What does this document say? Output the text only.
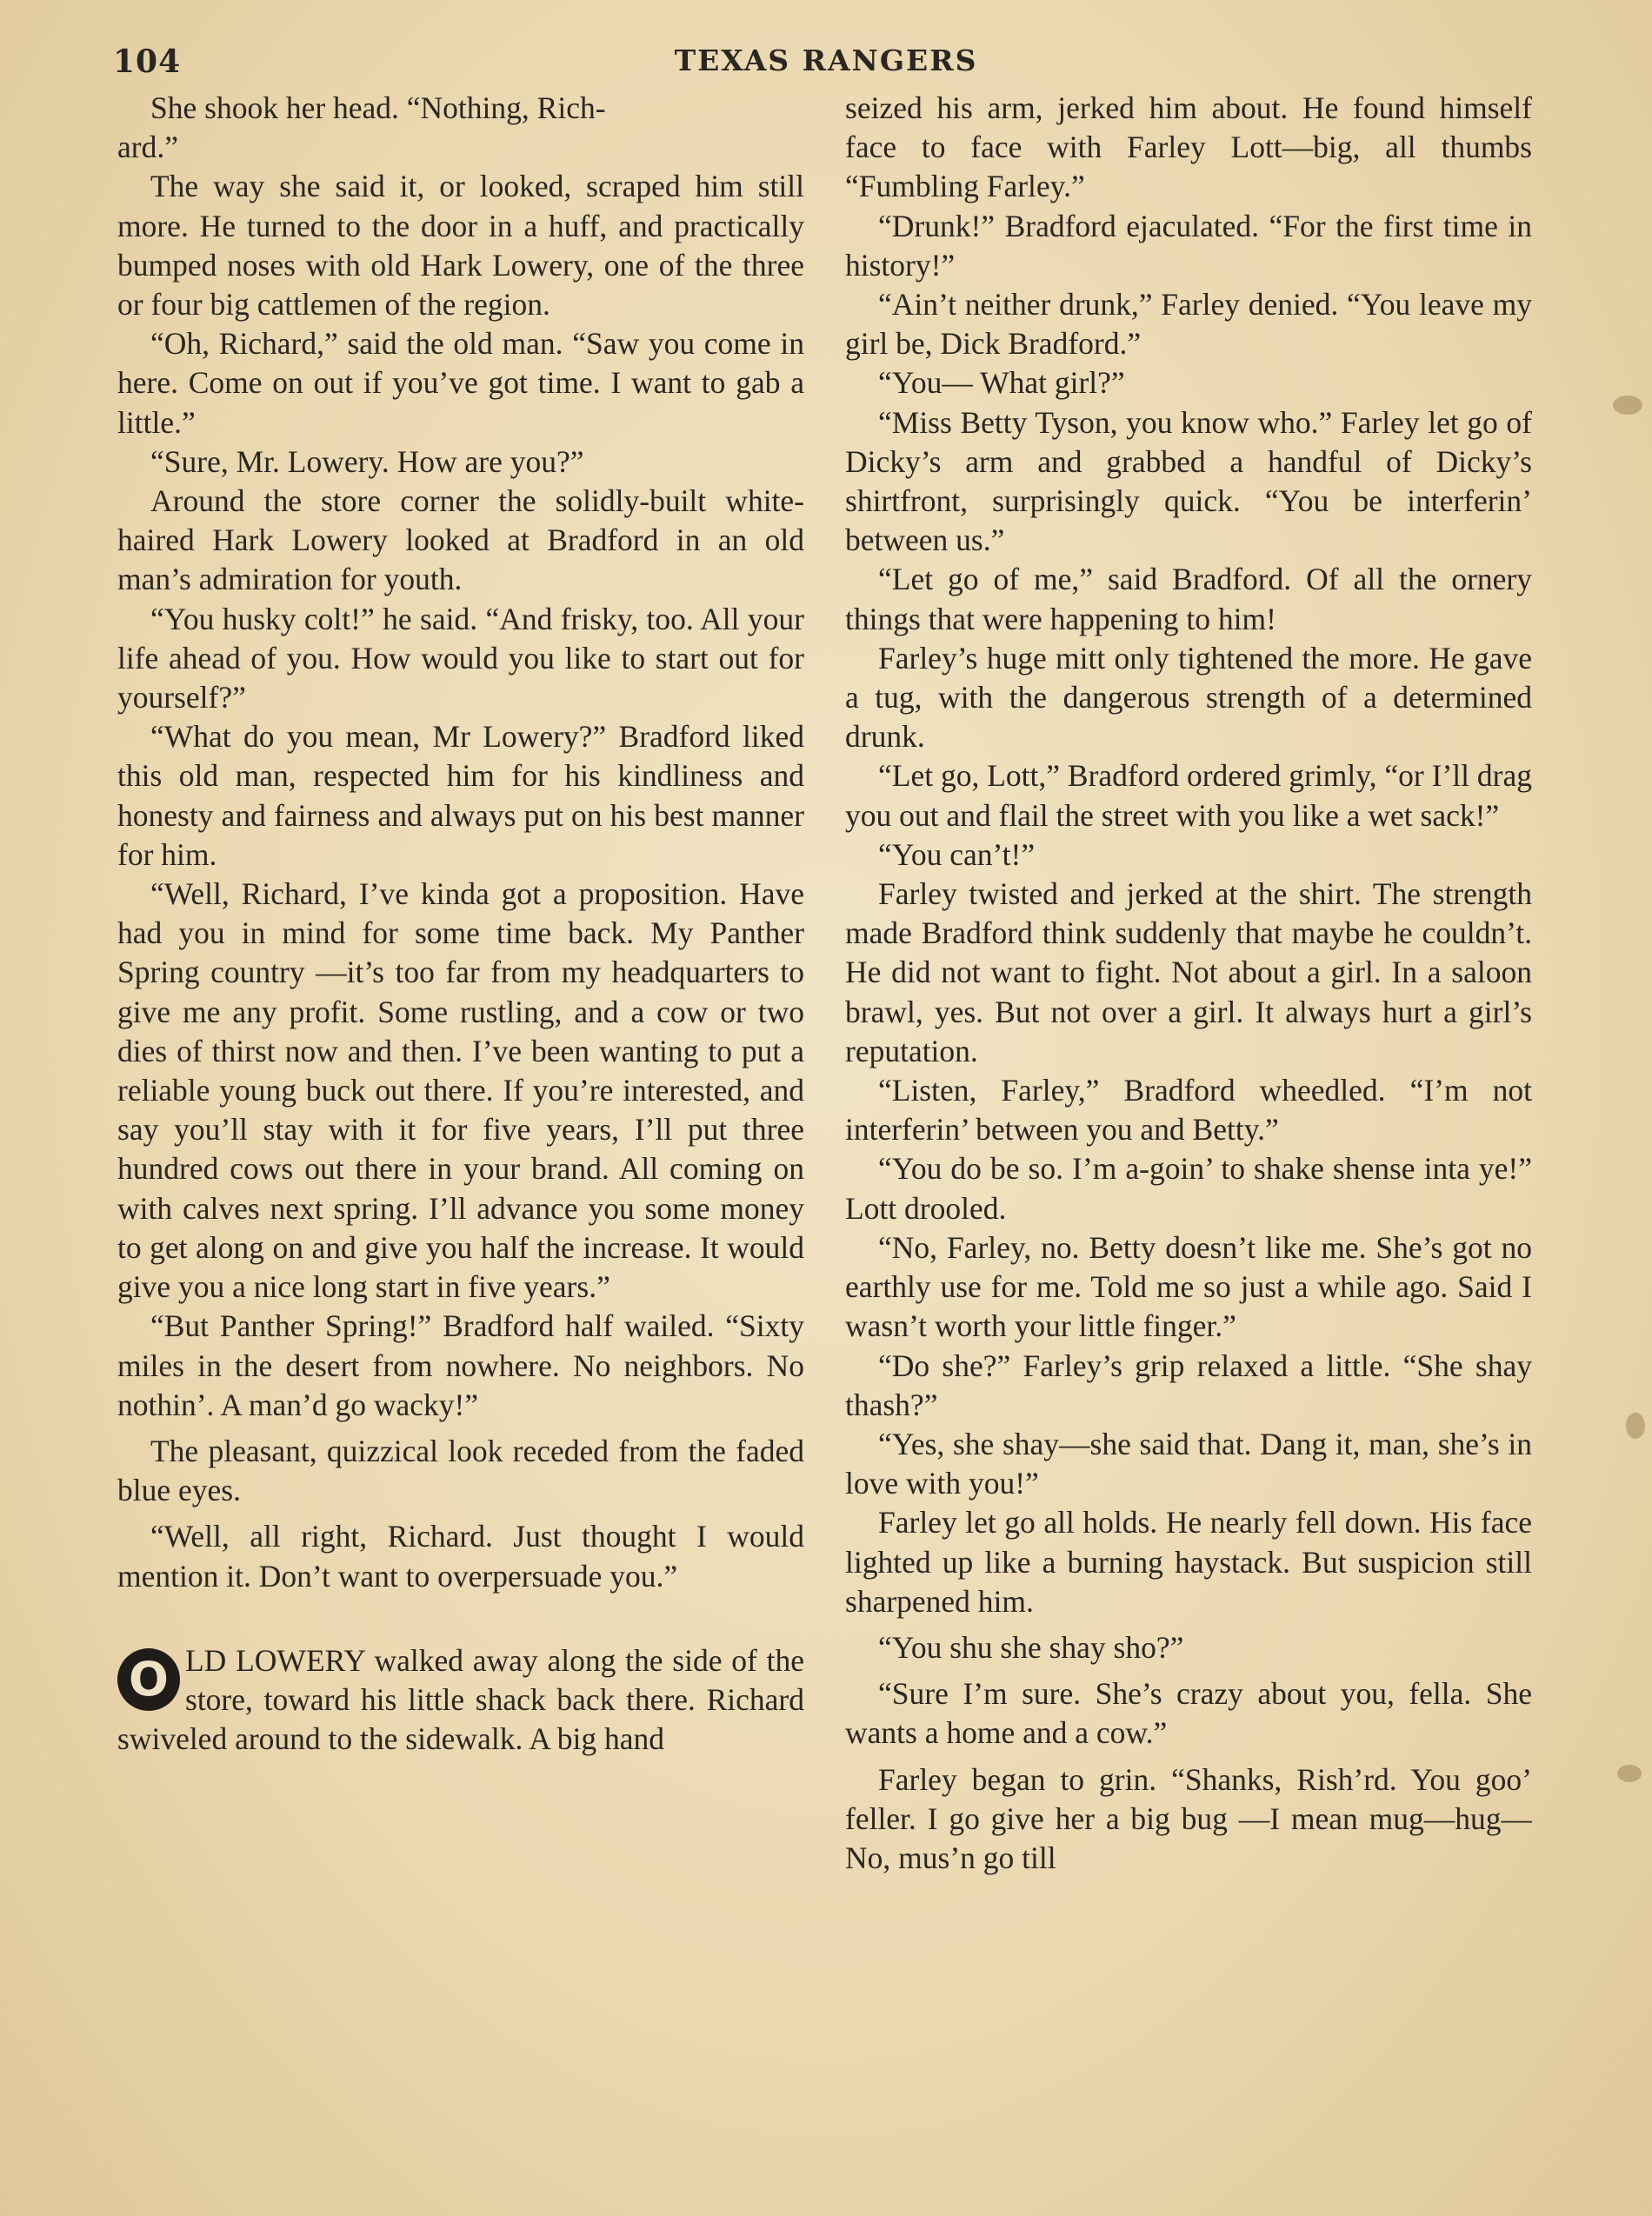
104	TEXAS RANGERS

She shook her head. “Nothing, Rich-
ard.”

The way she said it, or looked, scraped him still more. He turned to the door in a huff, and practically bumped noses with old Hark Lowery, one of the three or four big cattlemen of the region.

“Oh, Richard,” said the old man. “Saw you come in here. Come on out if you’ve got time. I want to gab a little.”

“Sure, Mr. Lowery. How are you?”

Around the store corner the solidly-built white-haired Hark Lowery looked at Bradford in an old man’s admiration for youth.

“You husky colt!” he said. “And frisky, too. All your life ahead of you. How would you like to start out for yourself?”

“What do you mean, Mr Lowery?” Bradford liked this old man, respected him for his kindliness and honesty and fairness and always put on his best manner for him.

“Well, Richard, I’ve kinda got a proposition. Have had you in mind for some time back. My Panther Spring country —it’s too far from my headquarters to give me any profit. Some rustling, and a cow or two dies of thirst now and then. I’ve been wanting to put a reliable young buck out there. If you’re interested, and say you’ll stay with it for five years, I’ll put three hundred cows out there in your brand. All coming on with calves next spring. I’ll advance you some money to get along on and give you half the increase. It would give you a nice long start in five years.”

“But Panther Spring!” Bradford half wailed. “Sixty miles in the desert from nowhere. No neighbors. No nothin’. A man’d go wacky!”

The pleasant, quizzical look receded from the faded blue eyes.

“Well, all right, Richard. Just thought I would mention it. Don’t want to overpersuade you.”

O LD LOWERY walked away along the side of the store, toward his little shack back there. Richard swiveled around to the sidewalk. A big hand

seized his arm, jerked him about. He found himself face to face with Farley Lott—big, all thumbs “Fumbling Farley.”

“Drunk!” Bradford ejaculated. “For the first time in history!”

“Ain’t neither drunk,” Farley denied. “You leave my girl be, Dick Bradford.”

“You— What girl?”

“Miss Betty Tyson, you know who.” Farley let go of Dicky’s arm and grabbed a handful of Dicky’s shirtfront, surprisingly quick. “You be interferin’ between us.”

“Let go of me,” said Bradford. Of all the ornery things that were happening to him!

Farley’s huge mitt only tightened the more. He gave a tug, with the dangerous strength of a determined drunk.

“Let go, Lott,” Bradford ordered grimly, “or I’ll drag you out and flail the street with you like a wet sack!”

“You can’t!”

Farley twisted and jerked at the shirt. The strength made Bradford think suddenly that maybe he couldn’t. He did not want to fight. Not about a girl. In a saloon brawl, yes. But not over a girl. It always hurt a girl’s reputation.

“Listen, Farley,” Bradford wheedled. “I’m not interferin’ between you and Betty.”

“You do be so. I’m a-goin’ to shake shense inta ye!” Lott drooled.

“No, Farley, no. Betty doesn’t like me. She’s got no earthly use for me. Told me so just a while ago. Said I wasn’t worth your little finger.”

“Do she?” Farley’s grip relaxed a little. “She shay thash?”

“Yes, she shay—she said that. Dang it, man, she’s in love with you!”

Farley let go all holds. He nearly fell down. His face lighted up like a burning haystack. But suspicion still sharpened him.

“You shu she shay sho?”

“Sure I’m sure. She’s crazy about you, fella. She wants a home and a cow.”

Farley began to grin. “Shanks, Rish’rd. You goo’ feller. I go give her a big bug —I mean mug—hug— No, mus’n go till
